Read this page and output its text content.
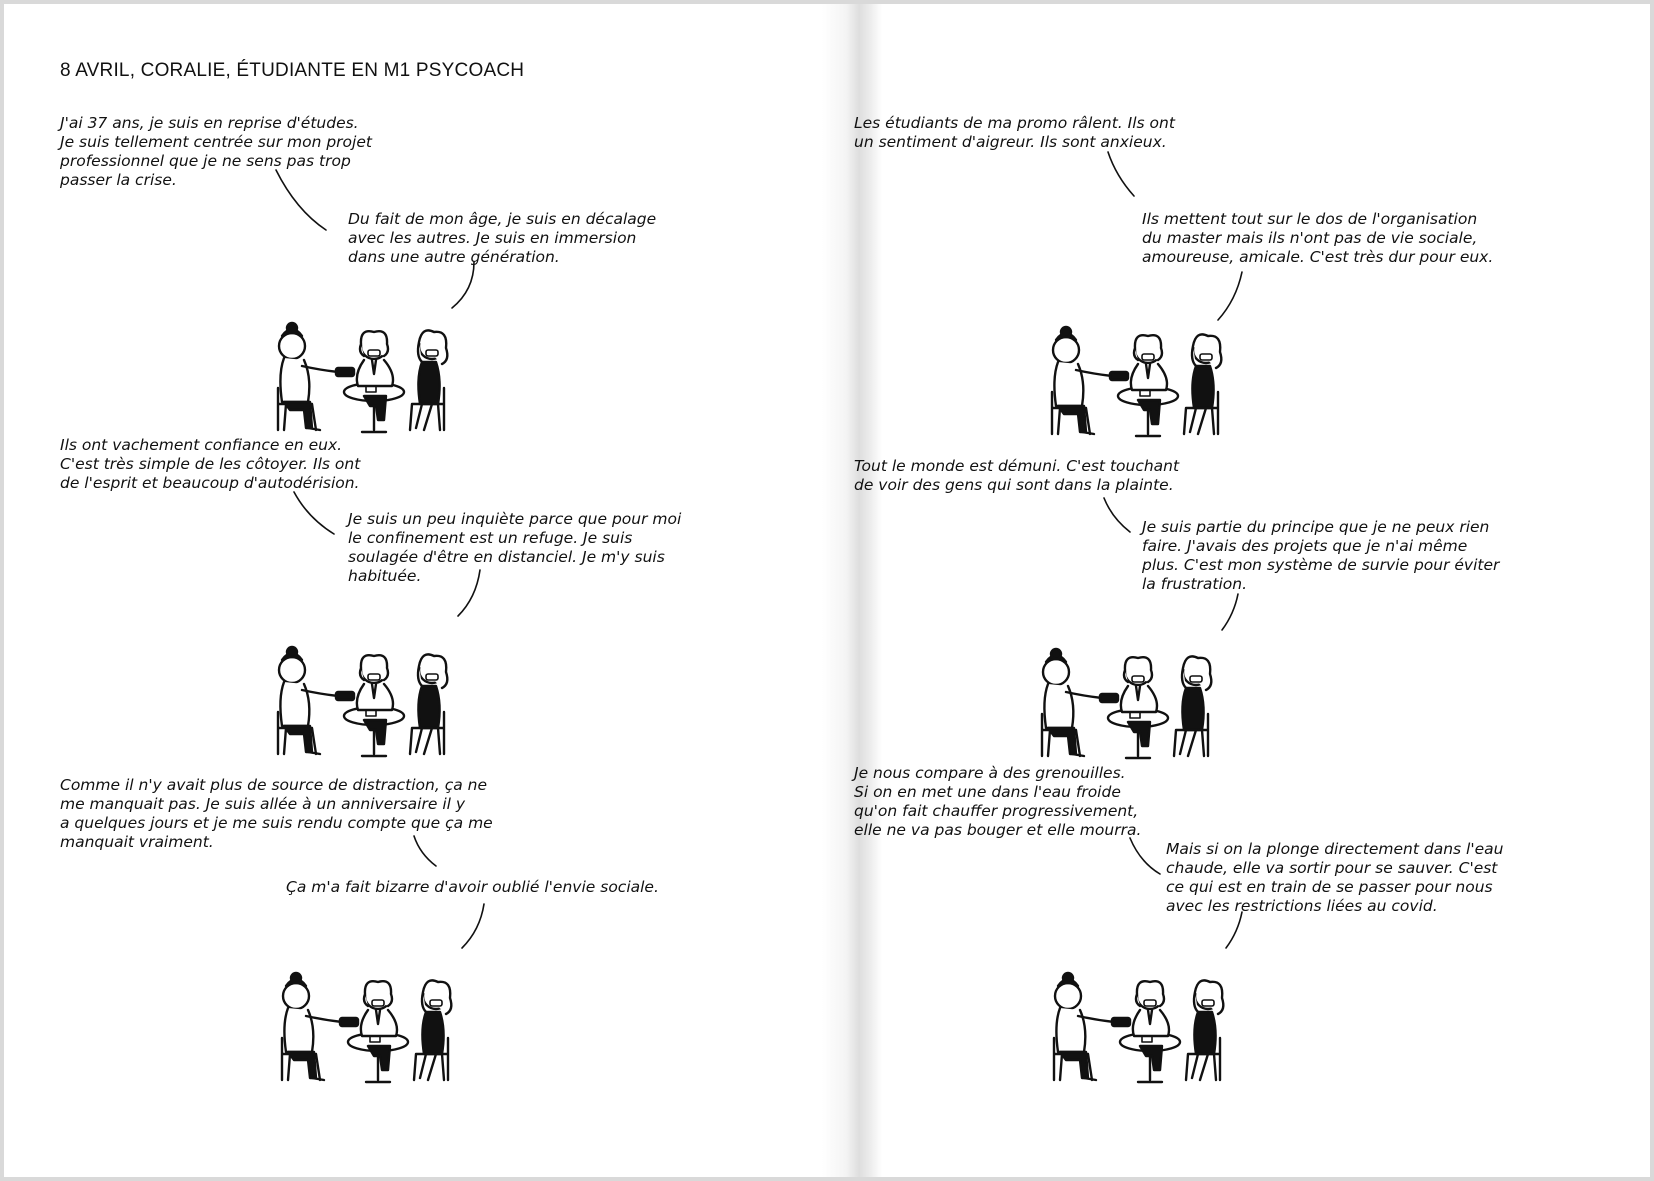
8 AVRIL, CORALIE, ÉTUDIANTE EN M1 PSYCOACH

J'ai 37 ans, je suis en reprise d'études.
Je suis tellement centrée sur mon projet
professionnel que je ne sens pas trop
passer la crise.

Du fait de mon âge, je suis en décalage
avec les autres. Je suis en immersion
dans une autre génération.

Ils ont vachement confiance en eux.
C'est très simple de les côtoyer. Ils ont
de l'esprit et beaucoup d'autodérision.

Je suis un peu inquiète parce que pour moi
le confinement est un refuge. Je suis
soulagée d'être en distanciel. Je m'y suis
habituée.

Comme il n'y avait plus de source de distraction, ça ne
me manquait pas. Je suis allée à un anniversaire il y
a quelques jours et je me suis rendu compte que ça me
manquait vraiment.

Ça m'a fait bizarre d'avoir oublié l'envie sociale.

Les étudiants de ma promo râlent. Ils ont
un sentiment d'aigreur. Ils sont anxieux.

Ils mettent tout sur le dos de l'organisation
du master mais ils n'ont pas de vie sociale,
amoureuse, amicale. C'est très dur pour eux.

Tout le monde est démuni. C'est touchant
de voir des gens qui sont dans la plainte.

Je suis partie du principe que je ne peux rien
faire. J'avais des projets que je n'ai même
plus. C'est mon système de survie pour éviter
la frustration.

Je nous compare à des grenouilles.
Si on en met une dans l'eau froide
qu'on fait chauffer progressivement,
elle ne va pas bouger et elle mourra.

Mais si on la plonge directement dans l'eau
chaude, elle va sortir pour se sauver. C'est
ce qui est en train de se passer pour nous
avec les restrictions liées au covid.
